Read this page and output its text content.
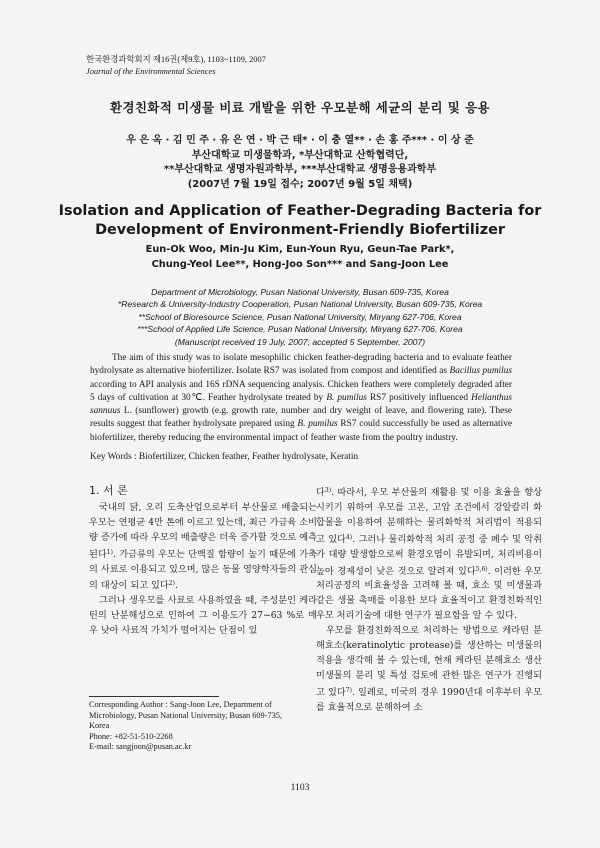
한국환경과학회지 제16권(제9호), 1103~1109, 2007
Journal of the Environmental Sciences
환경친화적 미생물 비료 개발을 위한 우모분해 세균의 분리 및 응용
우 은 옥 · 김 민 주 · 유 은 연 · 박 근 태* · 이 충 열** · 손 홍 주*** · 이 상 준
부산대학교 미생물학과, *부산대학교 산학협력단,
**부산대학교 생명자원과학부, ***부산대학교 생명응용과학부
(2007년 7월 19일 접수; 2007년 9월 5일 채택)
Isolation and Application of Feather-Degrading Bacteria for
Development of Environment-Friendly Biofertilizer
Eun-Ok Woo, Min-Ju Kim, Eun-Youn Ryu, Geun-Tae Park*,
Chung-Yeol Lee**, Hong-Joo Son*** and Sang-Joon Lee
Department of Microbiology, Pusan National University, Busan 609-735, Korea
*Research & University-Industry Cooperation, Pusan National University, Busan 609-735, Korea
**School of Bioresource Science, Pusan National University, Miryang 627-706, Korea
***School of Applied Life Science, Pusan National University, Miryang 627-706, Korea
(Manuscript received 19 July, 2007; accepted 5 September, 2007)
The aim of this study was to isolate mesophilic chicken feather-degrading bacteria and to evaluate feather hydrolysate as alternative biofertilizer. Isolate RS7 was isolated from compost and identified as Bacillus pumilus according to API analysis and 16S rDNA sequencing analysis. Chicken feathers were completely degraded after 5 days of cultivation at 30℃. Feather hydrolysate treated by B. pumilus RS7 positively influenced Helianthus sannuus L. (sunflower) growth (e.g. growth rate, number and dry weight of leave, and flowering rate). These results suggest that feather hydrolysate prepared using B. pumilus RS7 could successfully be used as alternative biofertilizer, thereby reducing the environmental impact of feather waste from the poultry industry.
Key Words : Biofertilizer, Chicken feather, Feather hydrolysate, Keratin
1. 서 론

국내의 닭, 오리 도축산업으로부터 부산물로 배출되는 우모는 연평균 4만 톤에 이르고 있는데, 최근 가금육 소비량 증가에 따라 우모의 배출량은 더욱 증가할 것으로 예측된다$^{1)}$. 가금류의 우모는 단백질 함량이 높기 때문에 가축의 사료로 이용되고 있으며, 많은 동물 영양학자들의 관심의 대상이 되고 있다$^{2)}$.

그러나 생우모를 사료로 사용하였을 때, 주성분인 케라틴의 난분해성으로 인하여 그 이용도가 27~63 %로 매우 낮아 사료적 가치가 떨어지는 단점이 있

다$^{3)}$. 따라서, 우모 부산물의 재활용 및 이용 효율을 향상시키기 위하여 우모를 고온, 고압 조건에서 강알칼리 화합물을 이용하여 분해하는 물리화학적 처리법이 적용되고 있다$^{4)}$. 그러나 물리화학적 처리 공정 중 폐수 및 악취가 대량 발생함으로써 환경오염이 유발되며, 처리비용이 높아 경제성이 낮은 것으로 알려져 있다$^{5,6)}$. 이러한 우모 처리공정의 비효율성을 고려해 볼 때, 효소 및 미생물과 같은 생물 촉매를 이용한 보다 효율적이고 환경친화적인 우모 처리기술에 대한 연구가 필요함을 알 수 있다.

우모를 환경친화적으로 처리하는 방법으로 케라틴 분해효소(keratinolytic protease)를 생산하는 미생물의 적용을 생각해 볼 수 있는데, 현재 케라틴 분해효소 생산 미생물의 분리 및 특성 검토에 관한 많은 연구가 진행되고 있다$^{7)}$. 일례로, 미국의 경우 1990년대 이후부터 우모를 효율적으로 분해하여 소

Corresponding Author : Sang-Joon Lee, Department of
Microbiology, Pusan National University, Busan 609-735,
Korea
Phone: +82-51-510-2268
E-mail: sangjoon@pusan.ac.kr
1103
